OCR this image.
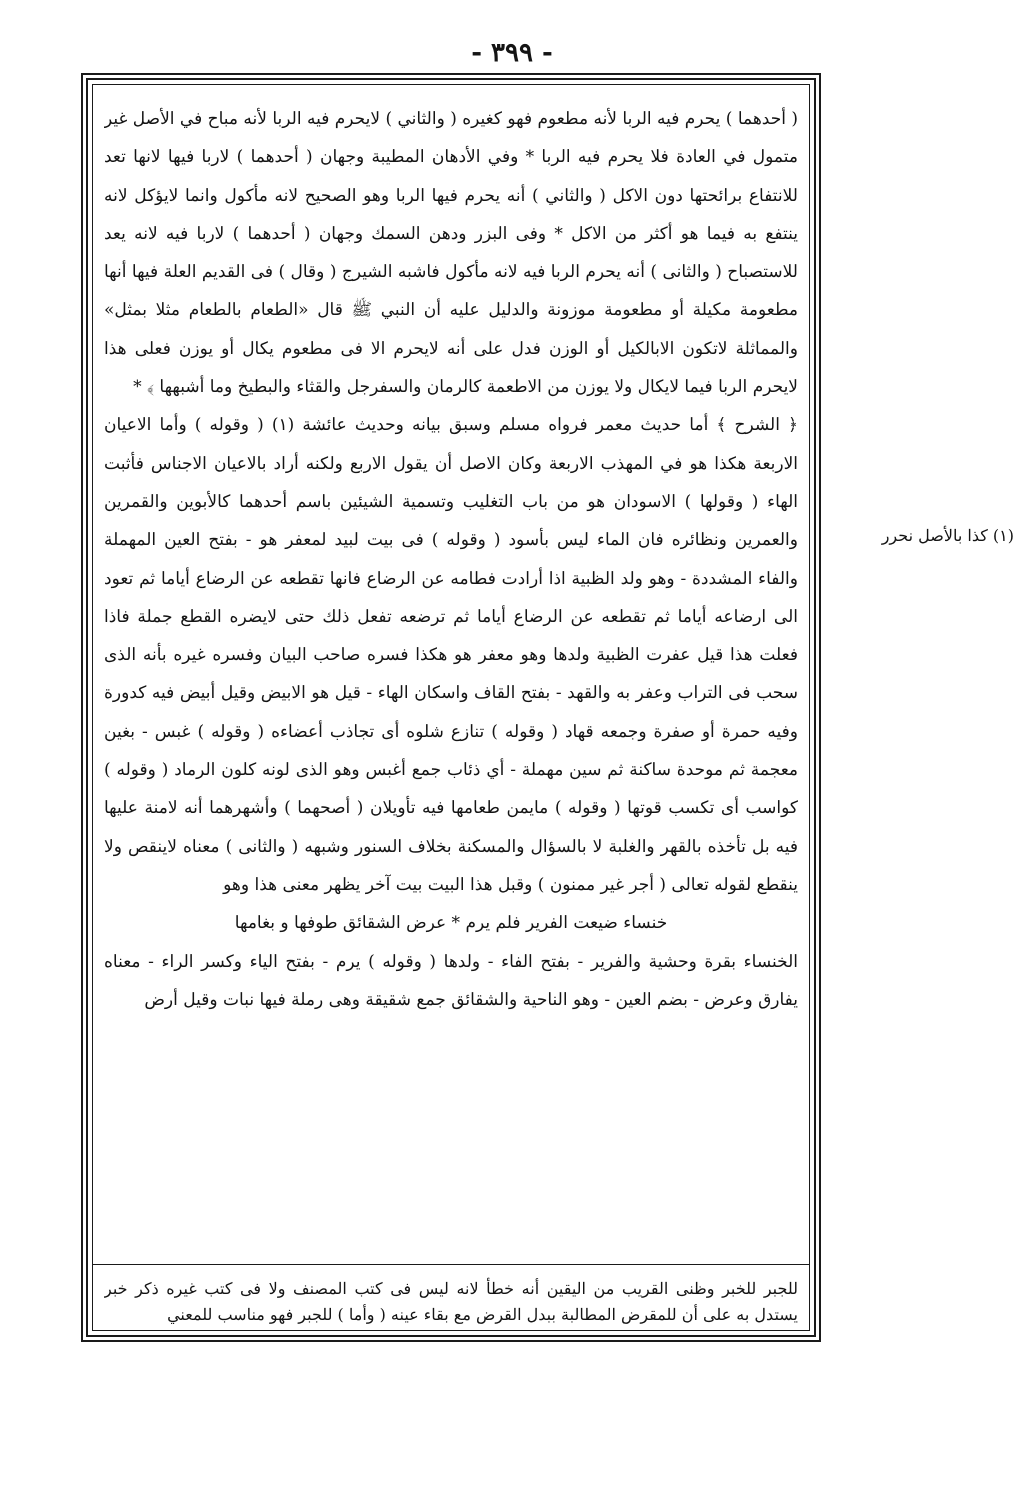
- ٣٩٩ -
(١) كذا بالأصل نحرر

( أحدهما ) يحرم فيه الربا لأنه مطعوم فهو كغيره ( والثاني ) لايحرم فيه الربا لأنه مباح في الأصل غير متمول في العادة فلا يحرم فيه الربا * وفي الأدهان المطيبة وجهان ( أحدهما ) لاربا فيها لانها تعد للانتفاع برائحتها دون الاكل ( والثاني ) أنه يحرم فيها الربا وهو الصحيح لانه مأكول وانما لايؤكل لانه ينتفع به فيما هو أكثر من الاكل * وفى البزر ودهن السمك وجهان ( أحدهما ) لاربا فيه لانه يعد للاستصباح ( والثانى ) أنه يحرم الربا فيه لانه مأكول فاشبه الشيرج ( وقال ) فى القديم العلة فيها أنها مطعومة مكيلة أو مطعومة موزونة والدليل عليه أن النبي ﷺ قال «الطعام بالطعام مثلا بمثل» والمماثلة لاتكون الابالكيل أو الوزن فدل على أنه لايحرم الا فى مطعوم يكال أو يوزن فعلى هذا لايحرم الربا فيما لايكال ولا يوزن من الاطعمة كالرمان والسفرجل والقثاء والبطيخ وما أشبهها ﴾ *

﴿ الشرح ﴾ أما حديث معمر فرواه مسلم وسبق بيانه وحديث عائشة (١) ( وقوله ) وأما الاعيان الاربعة هكذا هو في المهذب الاربعة وكان الاصل أن يقول الاربع ولكنه أراد بالاعيان الاجناس فأثبت الهاء ( وقولها ) الاسودان هو من باب التغليب وتسمية الشيئين باسم أحدهما كالأبوين والقمرين والعمرين ونظائره فان الماء ليس بأسود ( وقوله ) فى بيت لبيد لمعفر هو - بفتح العين المهملة والفاء المشددة - وهو ولد الظبية اذا أرادت فطامه عن الرضاع فانها تقطعه عن الرضاع أياما ثم تعود الى ارضاعه أياما ثم تقطعه عن الرضاع أياما ثم ترضعه تفعل ذلك حتى لايضره القطع جملة فاذا فعلت هذا قيل عفرت الظبية ولدها وهو معفر هو هكذا فسره صاحب البيان وفسره غيره بأنه الذى سحب فى التراب وعفر به والقهد - بفتح القاف واسكان الهاء - قيل هو الابيض وقيل أبيض فيه كدورة وفيه حمرة أو صفرة وجمعه قهاد ( وقوله ) تنازع شلوه أى تجاذب أعضاءه ( وقوله ) غبس - بغين معجمة ثم موحدة ساكنة ثم سين مهملة - أي ذئاب جمع أغبس وهو الذى لونه كلون الرماد ( وقوله ) كواسب أى تكسب قوتها ( وقوله ) مايمن طعامها فيه تأويلان ( أصحهما ) وأشهرهما أنه لامنة عليها فيه بل تأخذه بالقهر والغلبة لا بالسؤال والمسكنة بخلاف السنور وشبهه ( والثانى ) معناه لاينقص ولا ينقطع لقوله تعالى ( أجر غير ممنون ) وقبل هذا البيت بيت آخر يظهر معنى هذا وهو

خنساء ضيعت الفرير فلم يرم * عرض الشقائق طوفها و بغامها

الخنساء بقرة وحشية والفرير - بفتح الفاء - ولدها ( وقوله ) يرم - بفتح الياء وكسر الراء - معناه يفارق وعرض - بضم العين - وهو الناحية والشقائق جمع شقيقة وهى رملة فيها نبات وقيل أرض

للجبر للخبر وظنى القريب من اليقين أنه خطأ لانه ليس فى كتب المصنف ولا فى كتب غيره ذكر خبر يستدل به على أن للمقرض المطالبة ببدل القرض مع بقاء عينه ( وأما ) للجبر فهو مناسب للمعني
